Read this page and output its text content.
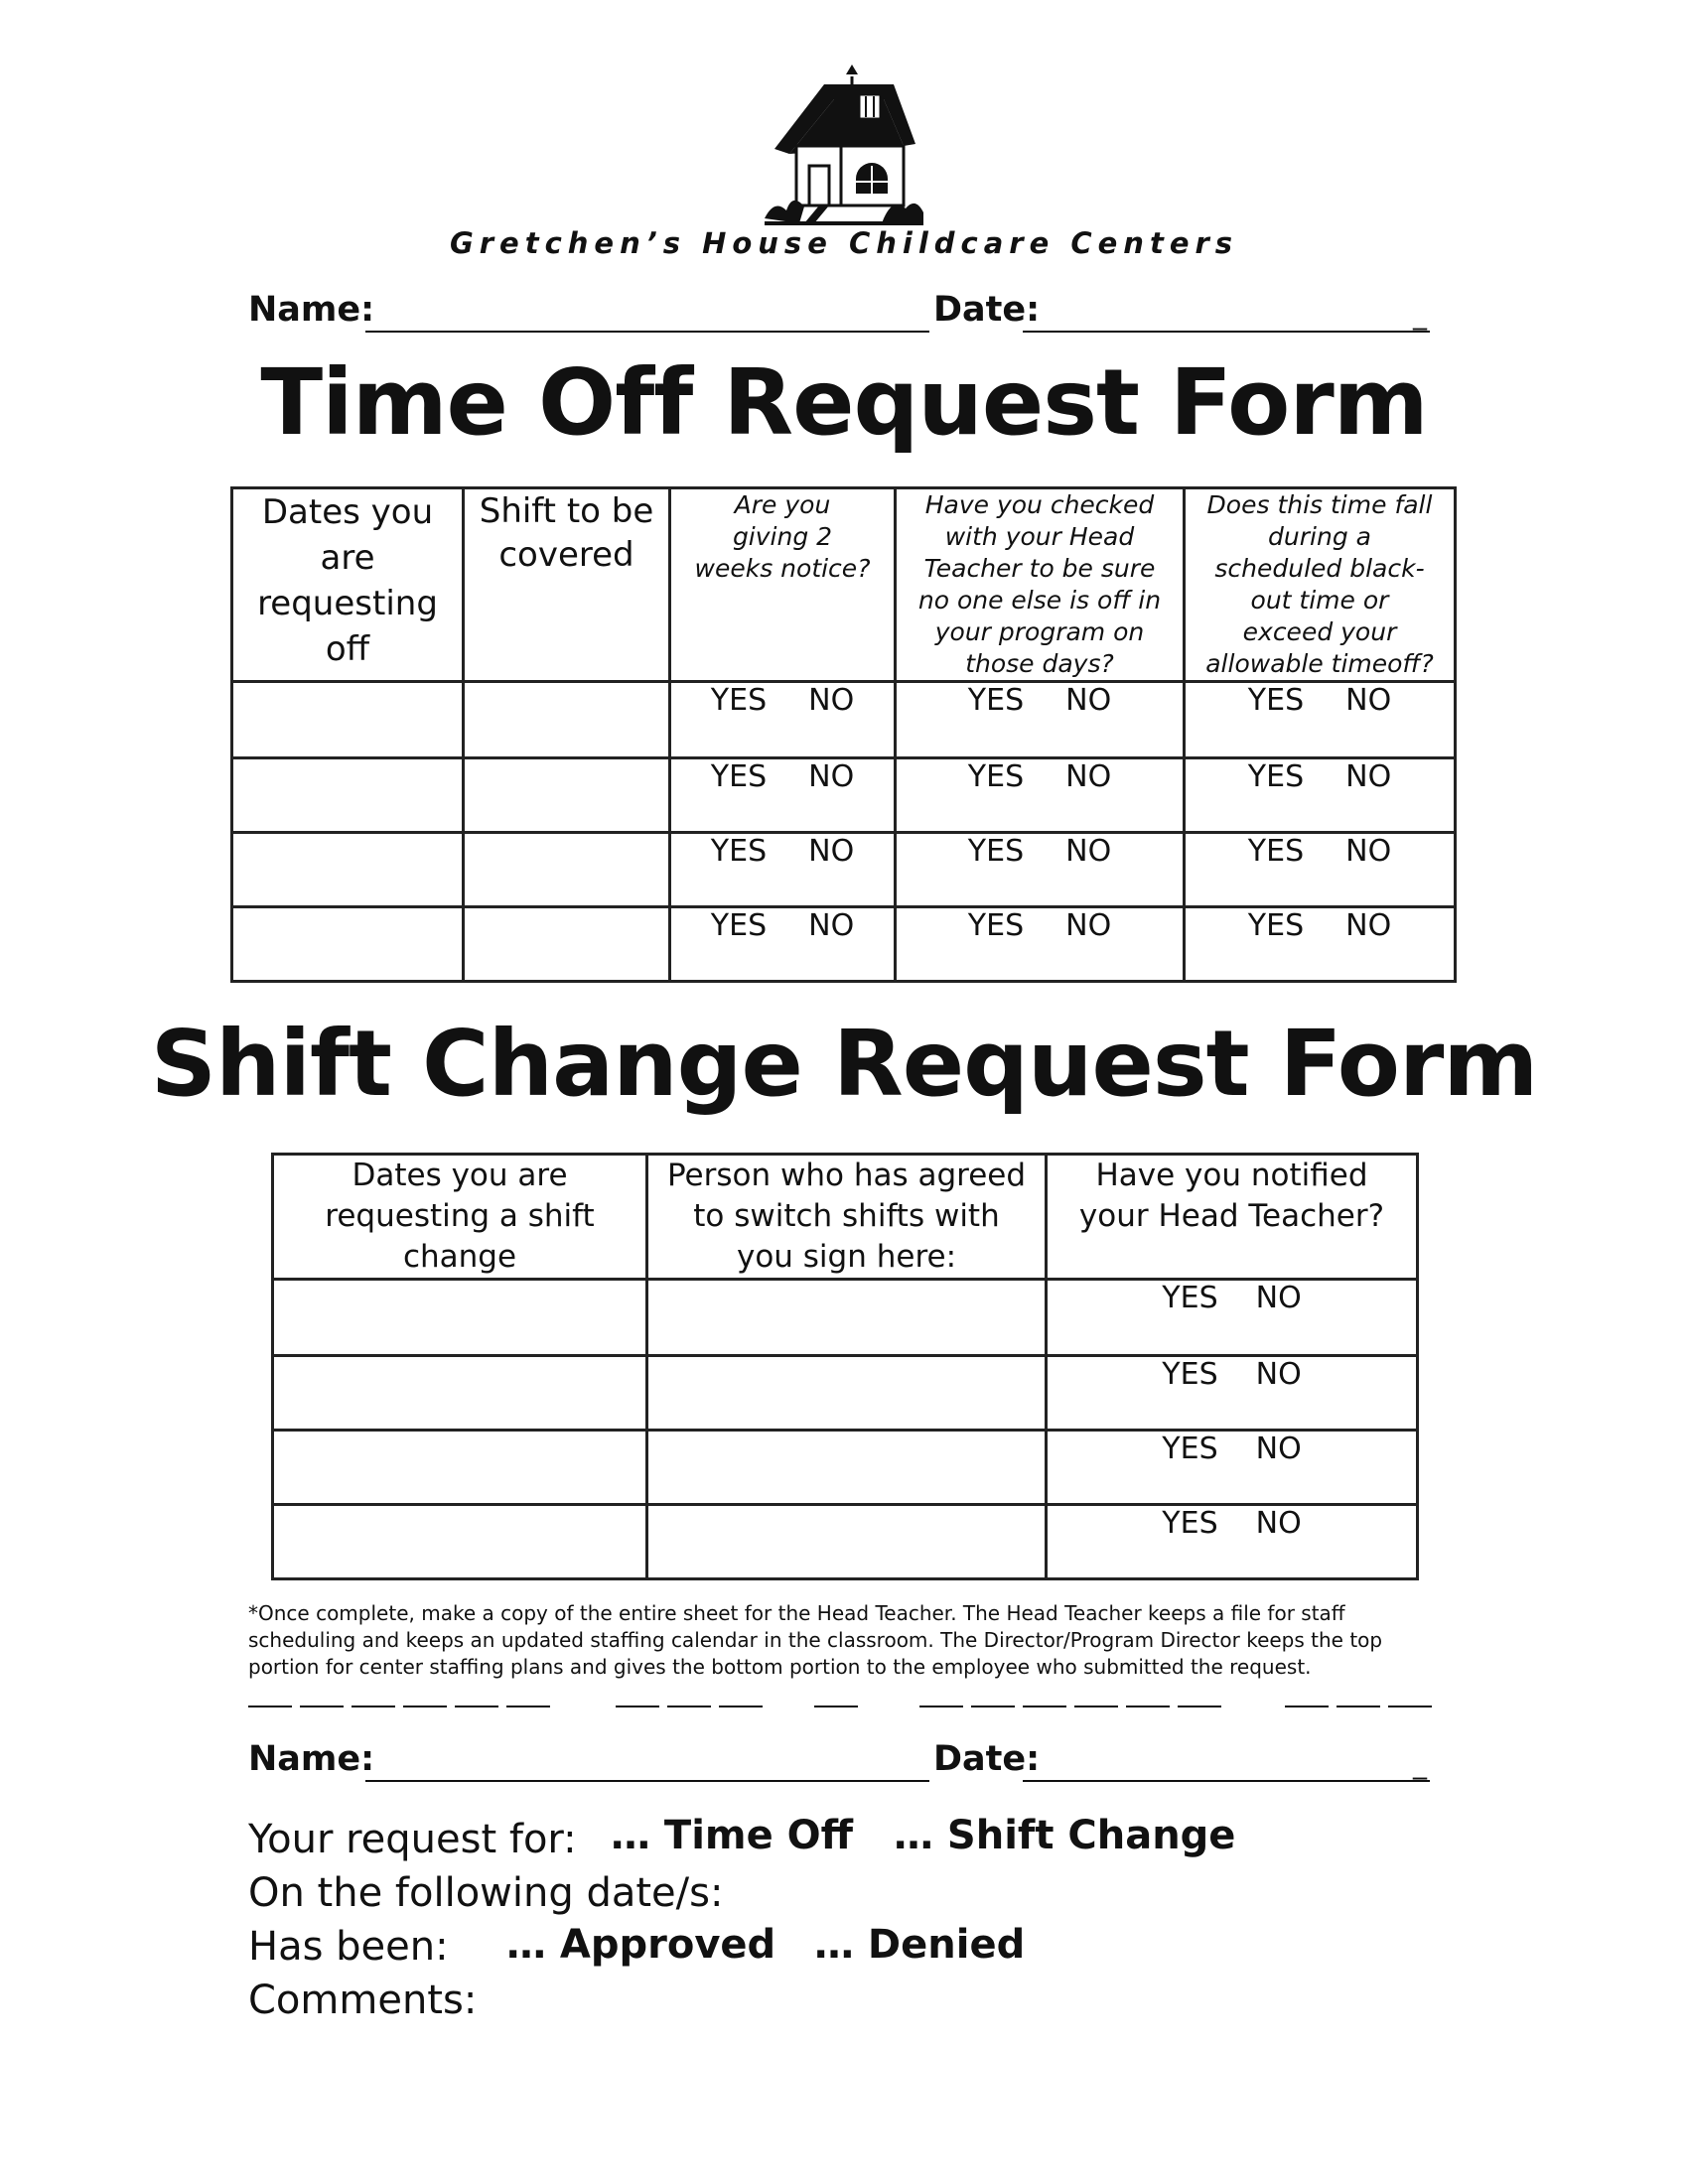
Gretchen’s House Childcare Centers
Name:	Date:	_
Time Off Request Form
Dates you are requesting off	Shift to be covered	Are you giving 2 weeks notice?	Have you checked with your Head Teacher to be sure no one else is off in your program on those days?	Does this time fall during a scheduled black-out time or exceed your allowable timeoff?

		YES NO	YES NO	YES NO
		YES NO	YES NO	YES NO
		YES NO	YES NO	YES NO
		YES NO	YES NO	YES NO
Shift Change Request Form
Dates you are requesting a shift change	Person who has agreed to switch shifts with you sign here:	Have you notified your Head Teacher?

		YES NO
		YES NO
		YES NO
		YES NO
*Once complete, make a copy of the entire sheet for the Head Teacher. The Head Teacher keeps a file for staff scheduling and keeps an updated staffing calendar in the classroom. The Director/Program Director keeps the top portion for center staffing plans and gives the bottom portion to the employee who submitted the request.
Name:	Date:	_
Your request for: … Time Off … Shift Change
On the following date/s:
Has been: … Approved … Denied
Comments:
